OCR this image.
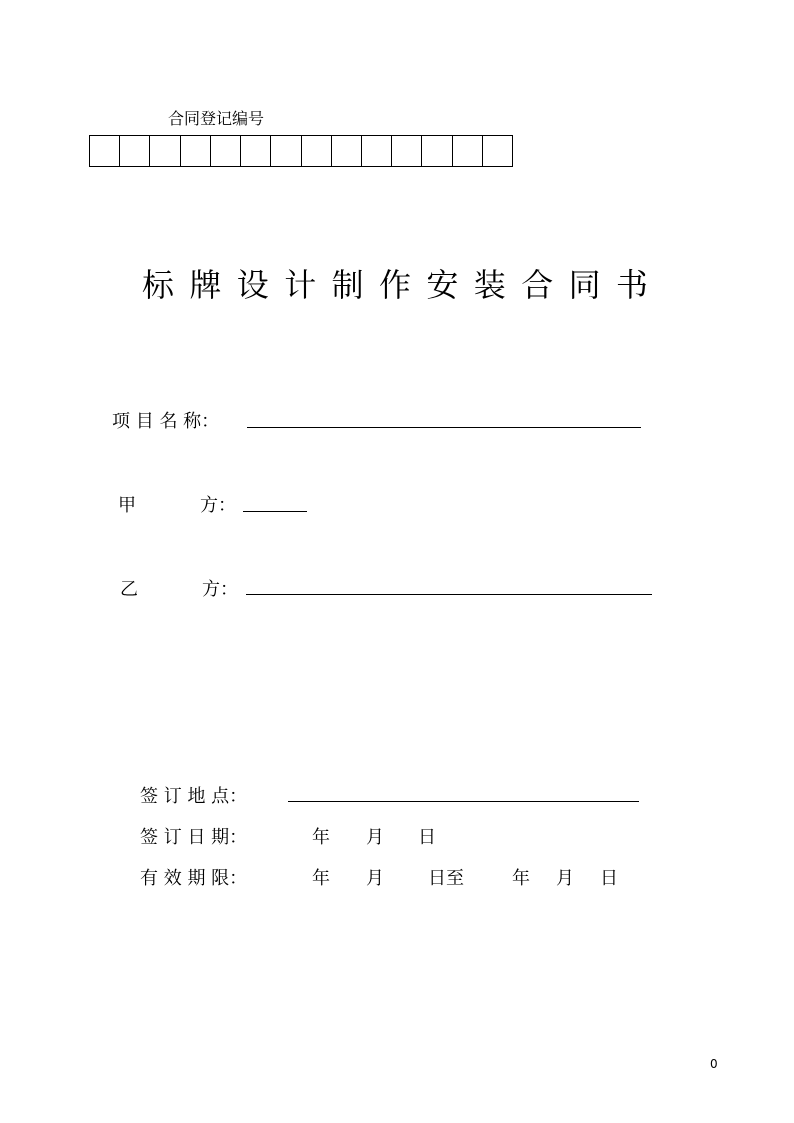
合同登记编号
标牌设计制作安装合同书
项 目 名 称：
甲	方：
乙	方：
签 订 地 点：
签 订 日 期：	年 月 日
有 效 期 限：	年 月 日至	年 月 日
0
